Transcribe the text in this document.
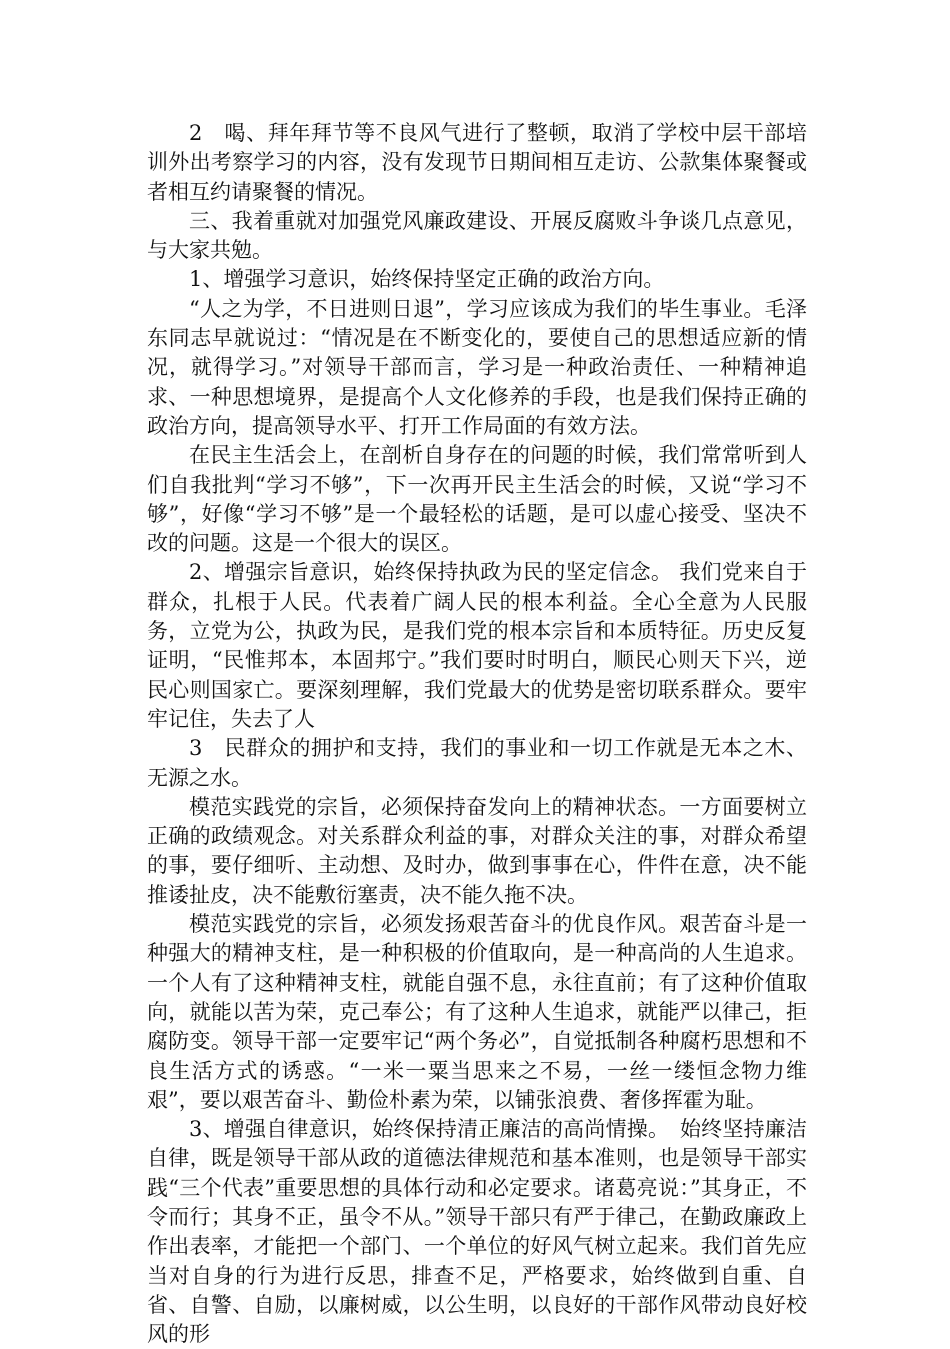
2　喝、拜年拜节等不良风气进行了整顿，取消了学校中层干部培训外出考察学习的内容，没有发现节日期间相互走访、公款集体聚餐或者相互约请聚餐的情况。

三、我着重就对加强党风廉政建设、开展反腐败斗争谈几点意见，与大家共勉。

1、增强学习意识，始终保持坚定正确的政治方向。

“人之为学，不日进则日退”，学习应该成为我们的毕生事业。毛泽东同志早就说过：“情况是在不断变化的，要使自己的思想适应新的情况，就得学习。”对领导干部而言，学习是一种政治责任、一种精神追求、一种思想境界，是提高个人文化修养的手段，也是我们保持正确的政治方向，提高领导水平、打开工作局面的有效方法。

在民主生活会上，在剖析自身存在的问题的时候，我们常常听到人们自我批判“学习不够”，下一次再开民主生活会的时候，又说“学习不够”，好像“学习不够”是一个最轻松的话题，是可以虚心接受、坚决不改的问题。这是一个很大的误区。

2、增强宗旨意识，始终保持执政为民的坚定信念。 我们党来自于群众，扎根于人民。代表着广阔人民的根本利益。全心全意为人民服务，立党为公，执政为民，是我们党的根本宗旨和本质特征。历史反复证明，“民惟邦本，本固邦宁。”我们要时时明白，顺民心则天下兴，逆民心则国家亡。要深刻理解，我们党最大的优势是密切联系群众。要牢牢记住，失去了人

3　民群众的拥护和支持，我们的事业和一切工作就是无本之木、无源之水。

模范实践党的宗旨，必须保持奋发向上的精神状态。一方面要树立正确的政绩观念。对关系群众利益的事，对群众关注的事，对群众希望的事，要仔细听、主动想、及时办，做到事事在心，件件在意，决不能推诿扯皮，决不能敷衍塞责，决不能久拖不决。

模范实践党的宗旨，必须发扬艰苦奋斗的优良作风。艰苦奋斗是一种强大的精神支柱，是一种积极的价值取向，是一种高尚的人生追求。一个人有了这种精神支柱，就能自强不息，永往直前；有了这种价值取向，就能以苦为荣，克己奉公；有了这种人生追求，就能严以律己，拒腐防变。领导干部一定要牢记“两个务必”，自觉抵制各种腐朽思想和不良生活方式的诱惑。“一米一粟当思来之不易，一丝一缕恒念物力维艰”，要以艰苦奋斗、勤俭朴素为荣，以铺张浪费、奢侈挥霍为耻。

3、增强自律意识，始终保持清正廉洁的高尚情操。　始终坚持廉洁自律，既是领导干部从政的道德法律规范和基本准则，也是领导干部实践“三个代表”重要思想的具体行动和必定要求。诸葛亮说：”其身正，不令而行；其身不正，虽令不从。”领导干部只有严于律己，在勤政廉政上作出表率，才能把一个部门、一个单位的好风气树立起来。我们首先应当对自身的行为进行反思，排查不足，严格要求，始终做到自重、自省、自警、自励，以廉树威，以公生明，以良好的干部作风带动良好校风的形
